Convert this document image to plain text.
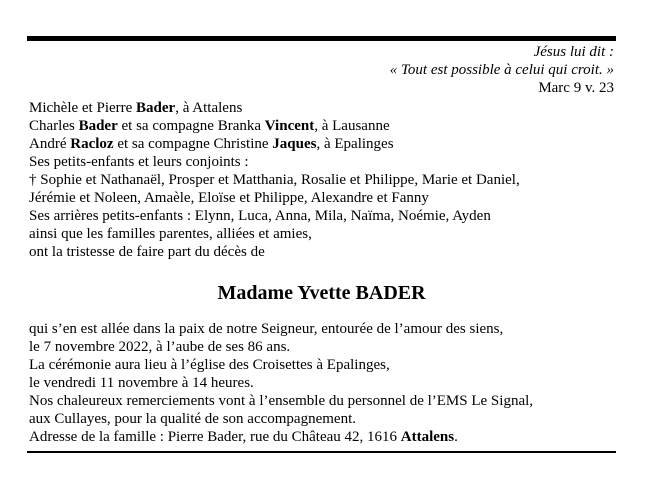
Jésus lui dit :
« Tout est possible à celui qui croit. »
Marc 9 v. 23
Michèle et Pierre Bader, à Attalens
Charles Bader et sa compagne Branka Vincent, à Lausanne
André Racloz et sa compagne Christine Jaques, à Epalinges
Ses petits-enfants et leurs conjoints :
† Sophie et Nathanaël, Prosper et Matthania, Rosalie et Philippe, Marie et Daniel,
Jérémie et Noleen, Amaèle, Eloïse et Philippe, Alexandre et Fanny
Ses arrières petits-enfants : Elynn, Luca, Anna, Mila, Naïma, Noémie, Ayden
ainsi que les familles parentes, alliées et amies,
ont la tristesse de faire part du décès de
Madame Yvette BADER
qui s’en est allée dans la paix de notre Seigneur, entourée de l’amour des siens,
le 7 novembre 2022, à l’aube de ses 86 ans.
La cérémonie aura lieu à l’église des Croisettes à Epalinges,
le vendredi 11 novembre à 14 heures.
Nos chaleureux remerciements vont à l’ensemble du personnel de l’EMS Le Signal,
aux Cullayes, pour la qualité de son accompagnement.
Adresse de la famille : Pierre Bader, rue du Château 42, 1616 Attalens.
